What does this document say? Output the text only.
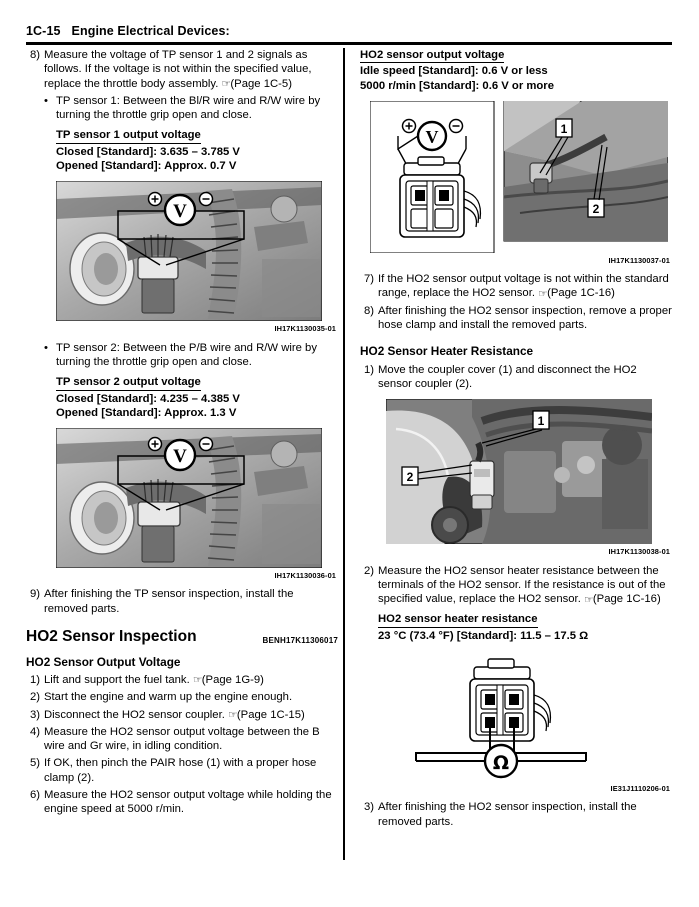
1C-15 Engine Electrical Devices:
8) Measure the voltage of TP sensor 1 and 2 signals as follows. If the voltage is not within the specified value, replace the throttle body assembly. ☞(Page 1C-5)
• TP sensor 1: Between the Bl/R wire and R/W wire by turning the throttle grip open and close.
TP sensor 1 output voltage
Closed [Standard]: 3.635 – 3.785 V
Opened [Standard]: Approx. 0.7 V
V
IH17K1130035-01
• TP sensor 2: Between the P/B wire and R/W wire by turning the throttle grip open and close.
TP sensor 2 output voltage
Closed [Standard]: 4.235 – 4.385 V
Opened [Standard]: Approx. 1.3 V
V
IH17K1130036-01
9) After finishing the TP sensor inspection, install the removed parts.
HO2 Sensor Inspection	BENH17K11306017
HO2 Sensor Output Voltage
1) Lift and support the fuel tank. ☞(Page 1G-9)
2) Start the engine and warm up the engine enough.
3) Disconnect the HO2 sensor coupler. ☞(Page 1C-15)
4) Measure the HO2 sensor output voltage between the B wire and Gr wire, in idling condition.
5) If OK, then pinch the PAIR hose (1) with a proper hose clamp (2).
6) Measure the HO2 sensor output voltage while holding the engine speed at 5000 r/min.
HO2 sensor output voltage
Idle speed [Standard]: 0.6 V or less
5000 r/min [Standard]: 0.6 V or more
V	1
2
IH17K1130037-01
7) If the HO2 sensor output voltage is not within the standard range, replace the HO2 sensor. ☞(Page 1C-16)
8) After finishing the HO2 sensor inspection, remove a proper hose clamp and install the removed parts.
HO2 Sensor Heater Resistance
1) Move the coupler cover (1) and disconnect the HO2 sensor coupler (2).
1
2
IH17K1130038-01
2) Measure the HO2 sensor heater resistance between the terminals of the HO2 sensor. If the resistance is out of the specified value, replace the HO2 sensor. ☞(Page 1C-16)
HO2 sensor heater resistance
23 °C (73.4 °F) [Standard]: 11.5 – 17.5 Ω
Ω
IE31J1110206-01
3) After finishing the HO2 sensor inspection, install the removed parts.
